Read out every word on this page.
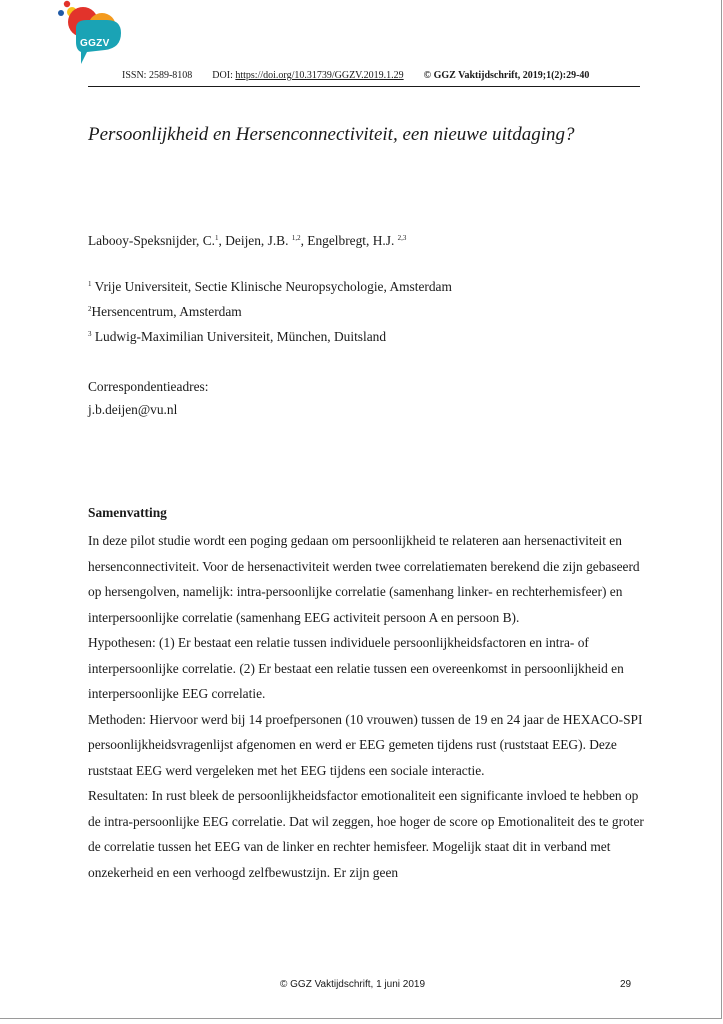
GGZV
ISSN: 2589-8108 DOI: https://doi.org/10.31739/GGZV.2019.1.29 © GGZ Vaktijdschrift, 2019;1(2):29-40
Persoonlijkheid en Hersenconnectiviteit, een nieuwe uitdaging?
Labooy-Speksnijder, C.$^1$, Deijen, J.B. $^{1,2}$, Engelbregt, H.J. $^{2,3}$
$^1$ Vrije Universiteit, Sectie Klinische Neuropsychologie, Amsterdam
$^2$Hersencentrum, Amsterdam
$^3$ Ludwig-Maximilian Universiteit, München, Duitsland
Correspondentieadres:
j.b.deijen@vu.nl
Samenvatting

In deze pilot studie wordt een poging gedaan om persoonlijkheid te relateren aan hersenactiviteit en hersenconnectiviteit. Voor de hersenactiviteit werden twee correlatiematen berekend die zijn gebaseerd op hersengolven, namelijk: intra-persoonlijke correlatie (samenhang linker- en rechterhemisfeer) en interpersoonlijke correlatie (samenhang EEG activiteit persoon A en persoon B).

Hypothesen: (1) Er bestaat een relatie tussen individuele persoonlijkheidsfactoren en intra- of interpersoonlijke correlatie. (2) Er bestaat een relatie tussen een overeenkomst in persoonlijkheid en interpersoonlijke EEG correlatie.

Methoden: Hiervoor werd bij 14 proefpersonen (10 vrouwen) tussen de 19 en 24 jaar de HEXACO-SPI persoonlijkheidsvragenlijst afgenomen en werd er EEG gemeten tijdens rust (ruststaat EEG). Deze ruststaat EEG werd vergeleken met het EEG tijdens een sociale interactie.

Resultaten: In rust bleek de persoonlijkheidsfactor emotionaliteit een significante invloed te hebben op de intra-persoonlijke EEG correlatie. Dat wil zeggen, hoe hoger de score op Emotionaliteit des te groter de correlatie tussen het EEG van de linker en rechter hemisfeer. Mogelijk staat dit in verband met onzekerheid en een verhoogd zelfbewustzijn. Er zijn geen

© GGZ Vaktijdschrift, 1 juni 2019	29
